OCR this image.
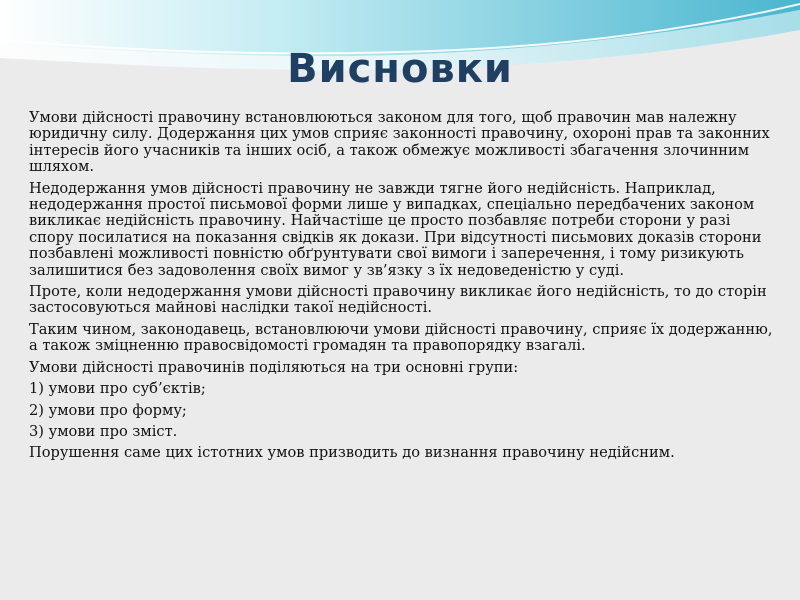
Висновки

Умови дійсності правочину встановлюються законом для того, щоб правочин мав належну юридичну силу. Додержання цих умов сприяє законності правочину, охороні прав та законних інтересів його учасників та інших осіб, а також обмежує можливості збагачення злочинним шляхом.

Недодержання умов дійсності правочину не завжди тягне його недійсність. Наприклад, недодержання простої письмової форми лише у випадках, спеціально передбачених законом викликає недійсність правочину. Найчастіше це просто позбавляє потреби сторони у разі спору посилатися на показання свідків як докази. При відсутності письмових доказів сторони позбавлені можливості повністю обґрунтувати свої вимоги і заперечення, і тому ризикують залишитися без задоволення своїх вимог у зв’язку з їх недоведеністю у суді.

Проте, коли недодержання умови дійсності правочину викликає його недійсність, то до сторін застосовуються майнові наслідки такої недійсності.

Таким чином, законодавець, встановлюючи умови дійсності правочину, сприяє їх додержанню, а також зміцненню правосвідомості громадян та правопорядку взагалі.

Умови дійсності правочинів поділяються на три основні групи:

1) умови про суб’єктів;

2) умови про форму;

3) умови про зміст.

Порушення саме цих істотних умов призводить до визнання правочину недійсним.
